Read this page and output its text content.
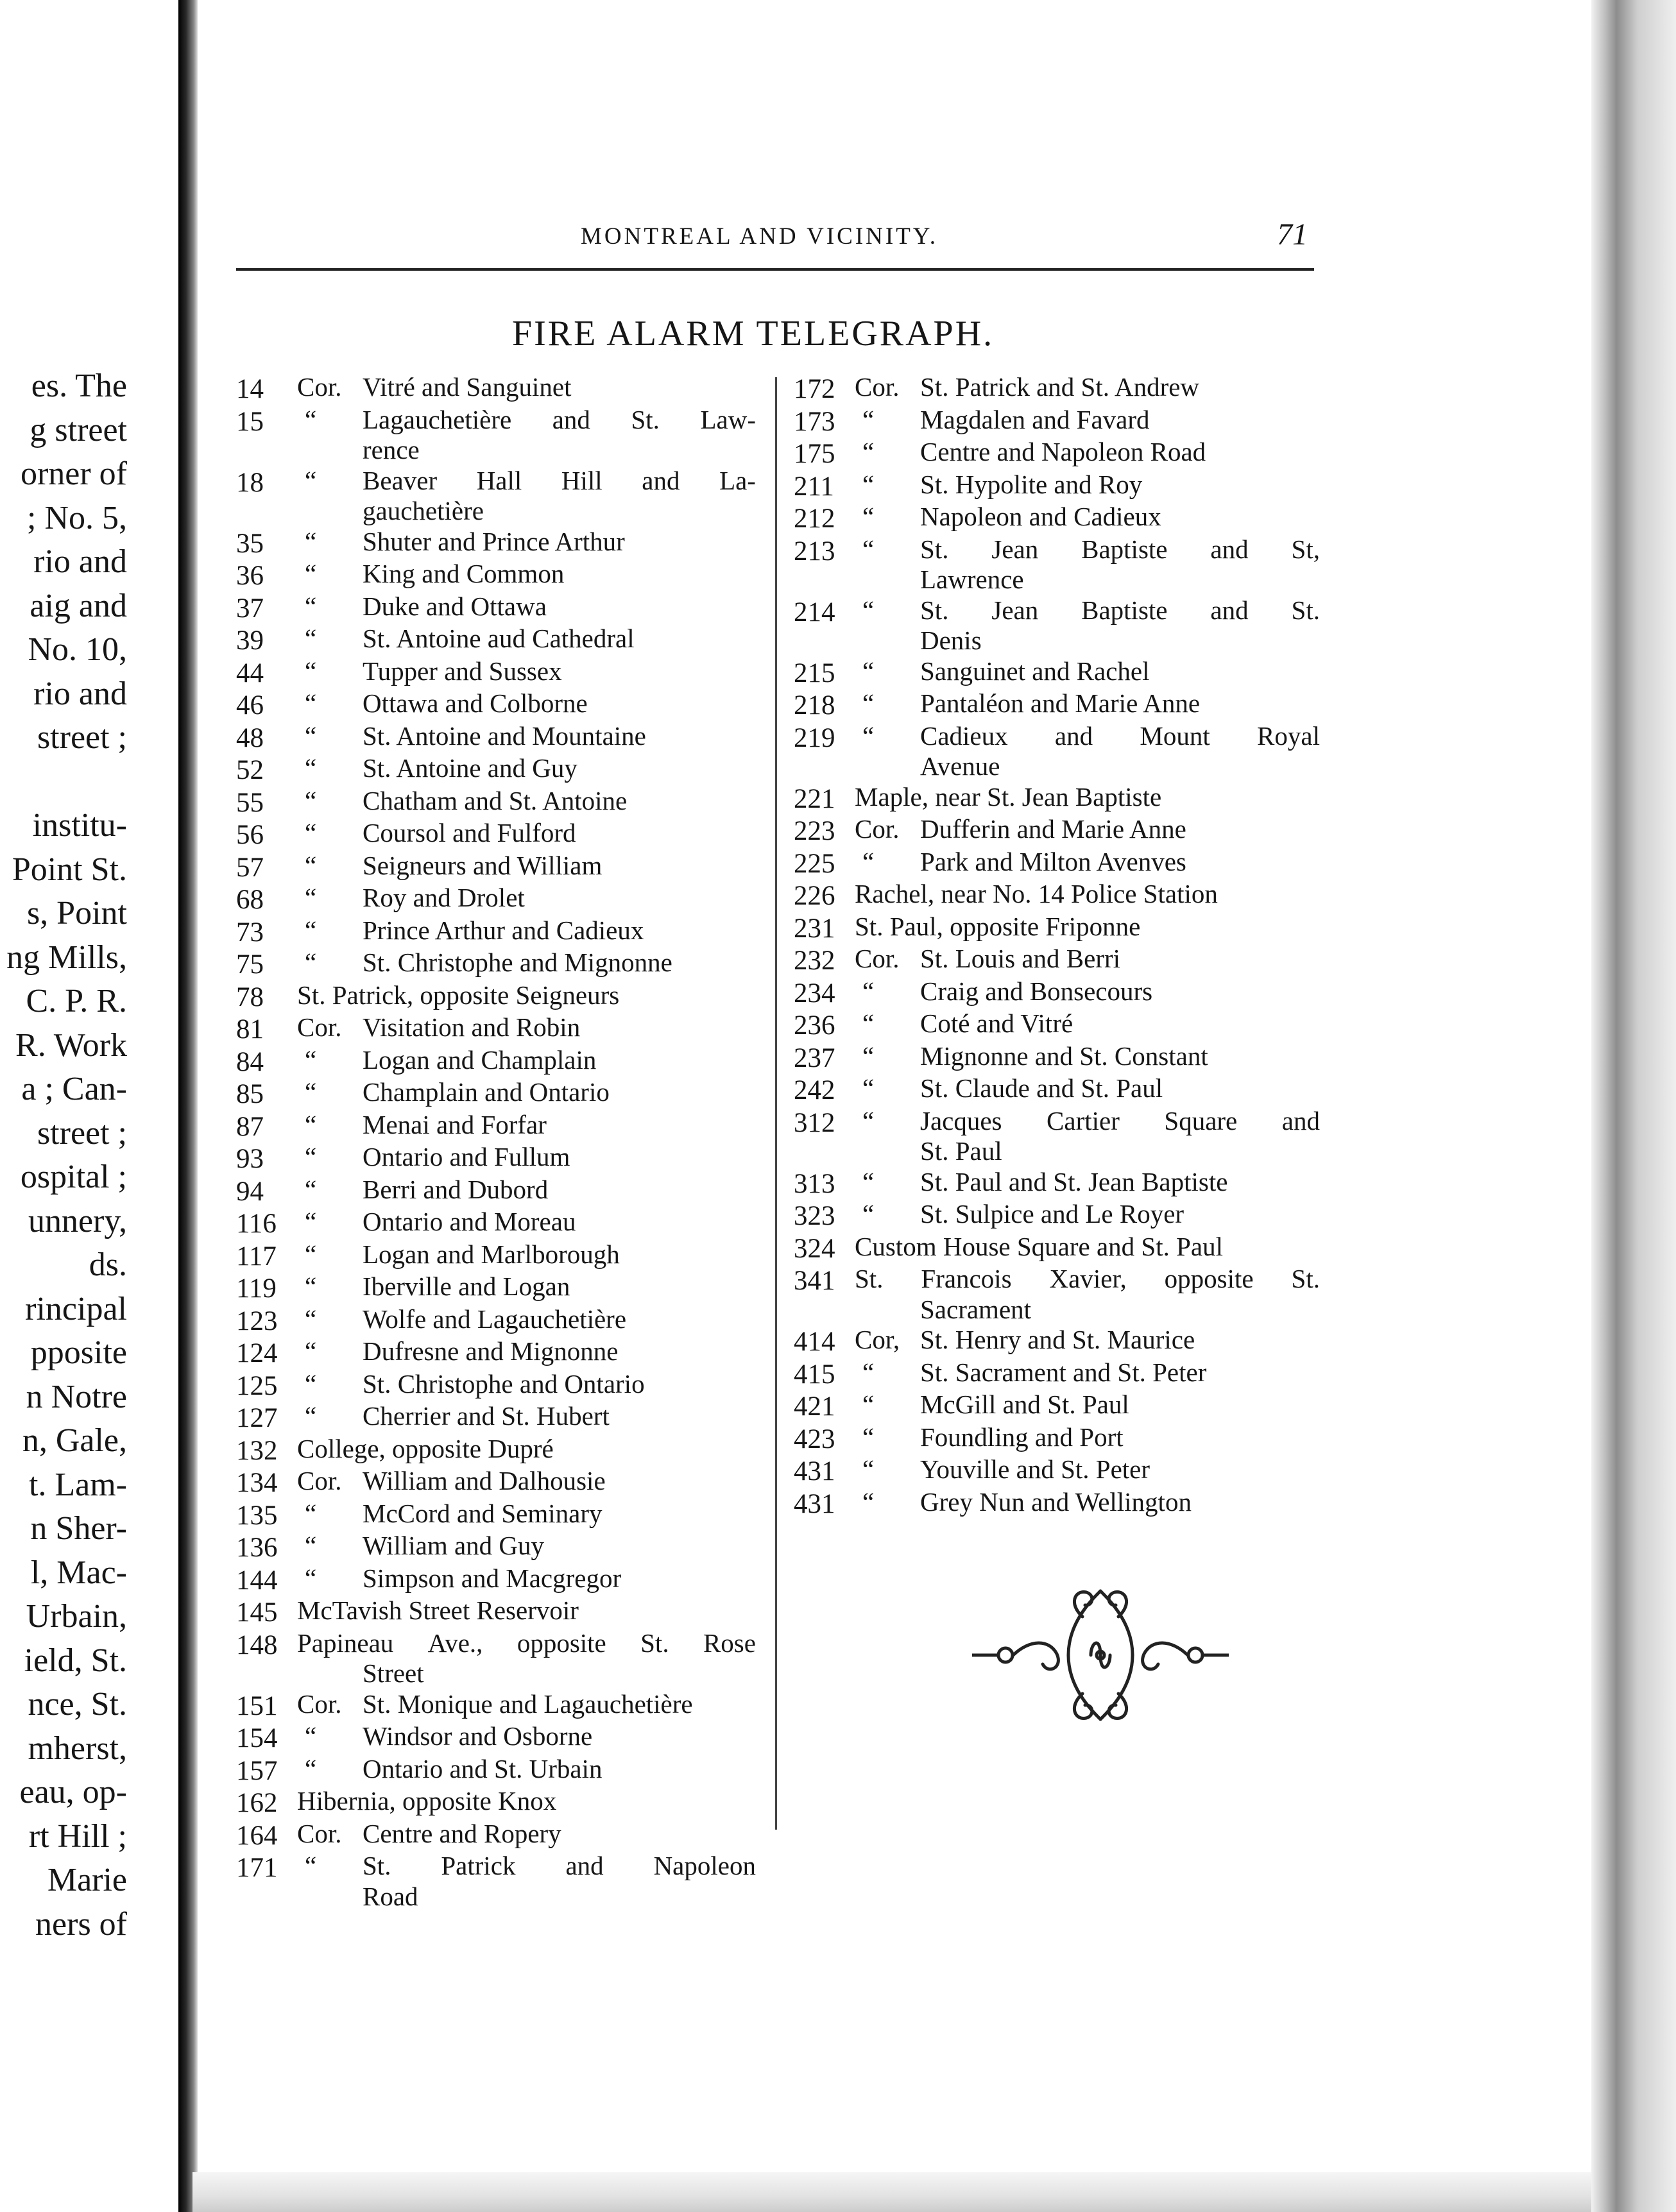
es. The
g street
orner of
; No. 5,
rio and
aig and
No. 10,
rio and
street ;
institu-
Point St.
s, Point
ng Mills,
C. P. R.
R. Work
a ; Can-
street ;
ospital ;
unnery,
ds.
rincipal
pposite
n Notre
n, Gale,
t. Lam-
n Sher-
l, Mac-
Urbain,
ield, St.
nce, St.
mherst,
eau, op-
rt Hill ;
Marie
ners of
MONTREAL AND VICINITY.	71
FIRE ALARM TELEGRAPH.
14	Cor. Vitré and Sanguinet
15	“	Lagauchetière and St. Law-
rence
18	“	Beaver Hall Hill and La-
gauchetière
35	“	Shuter and Prince Arthur
36	“	King and Common
37	“	Duke and Ottawa
39	“	St. Antoine aud Cathedral
44	“	Tupper and Sussex
46	“	Ottawa and Colborne
48	“	St. Antoine and Mountaine
52	“	St. Antoine and Guy
55	“	Chatham and St. Antoine
56	“	Coursol and Fulford
57	“	Seigneurs and William
68	“	Roy and Drolet
73	“	Prince Arthur and Cadieux
75	“	St. Christophe and Mignonne
78	St. Patrick, opposite Seigneurs
81	Cor. Visitation and Robin
84	“	Logan and Champlain
85	“	Champlain and Ontario
87	“	Menai and Forfar
93	“	Ontario and Fullum
94	“	Berri and Dubord
116	“	Ontario and Moreau
117	“	Logan and Marlborough
119	“	Iberville and Logan
123	“	Wolfe and Lagauchetière
124	“	Dufresne and Mignonne
125	“	St. Christophe and Ontario
127	“	Cherrier and St. Hubert
132 College, opposite Dupré
134 Cor. William and Dalhousie
135	“	McCord and Seminary
136	“	William and Guy
144	“	Simpson and Macgregor
145 McTavish Street Reservoir
148 Papineau Ave., opposite St. Rose
Street
151 Cor. St. Monique and Lagauchetière
154	“	Windsor and Osborne
157	“	Ontario and St. Urbain
162 Hibernia, opposite Knox
164 Cor. Centre and Ropery
171	“	St. Patrick and Napoleon
Road
172 Cor. St. Patrick and St. Andrew
173	“	Magdalen and Favard
175	“	Centre and Napoleon Road
211	“	St. Hypolite and Roy
212	“	Napoleon and Cadieux
213	“	St. Jean Baptiste and St,
Lawrence
214	“	St. Jean Baptiste and St.
Denis
215	“	Sanguinet and Rachel
218	“	Pantaléon and Marie Anne
219	“	Cadieux and Mount Royal
Avenue
221 Maple, near St. Jean Baptiste
223 Cor. Dufferin and Marie Anne
225	“	Park and Milton Avenves
226 Rachel, near No. 14 Police Station
231 St. Paul, opposite Friponne
232 Cor. St. Louis and Berri
234	“	Craig and Bonsecours
236	“	Coté and Vitré
237	“	Mignonne and St. Constant
242	“	St. Claude and St. Paul
312	“	Jacques Cartier Square and
St. Paul
313	“	St. Paul and St. Jean Baptiste
323	“	St. Sulpice and Le Royer
324 Custom House Square and St. Paul
341 St. Francois Xavier, opposite St.
Sacrament
414 Cor, St. Henry and St. Maurice
415	“	St. Sacrament and St. Peter
421	“	McGill and St. Paul
423	“	Foundling and Port
431	“	Youville and St. Peter
431	“	Grey Nun and Wellington
